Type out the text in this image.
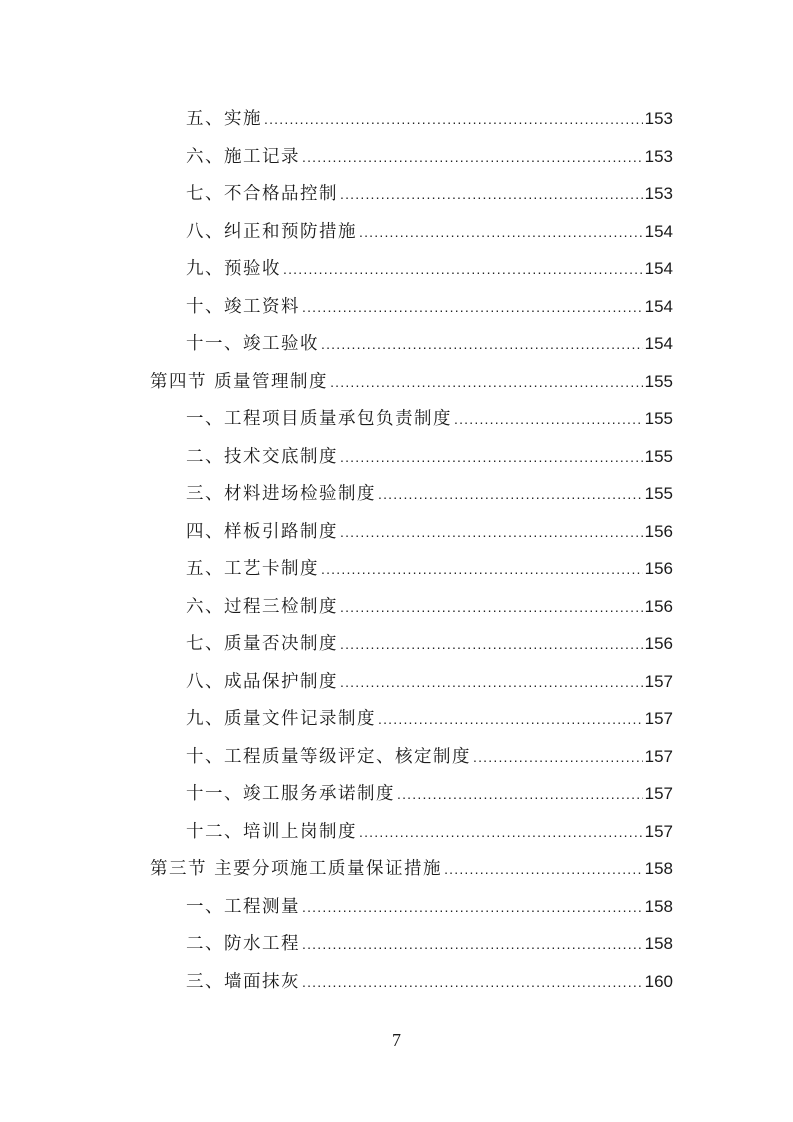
五、实施 .....	153
六、施工记录 .....	153
七、不合格品控制 .....	153
八、纠正和预防措施 .....	154
九、预验收 .....	154
十、竣工资料 .....	154
十一、竣工验收 .....	154
第四节 质量管理制度 .....	155
一、工程项目质量承包负责制度 .....	155
二、技术交底制度 .....	155
三、材料进场检验制度 .....	155
四、样板引路制度 .....	156
五、工艺卡制度 .....	156
六、过程三检制度 .....	156
七、质量否决制度 .....	156
八、成品保护制度 .....	157
九、质量文件记录制度 .....	157
十、工程质量等级评定、核定制度 .....	157
十一、竣工服务承诺制度 .....	157
十二、培训上岗制度 .....	157
第三节 主要分项施工质量保证措施 .....	158
一、工程测量 .....	158
二、防水工程 .....	158
三、墙面抹灰 .....	160
7
